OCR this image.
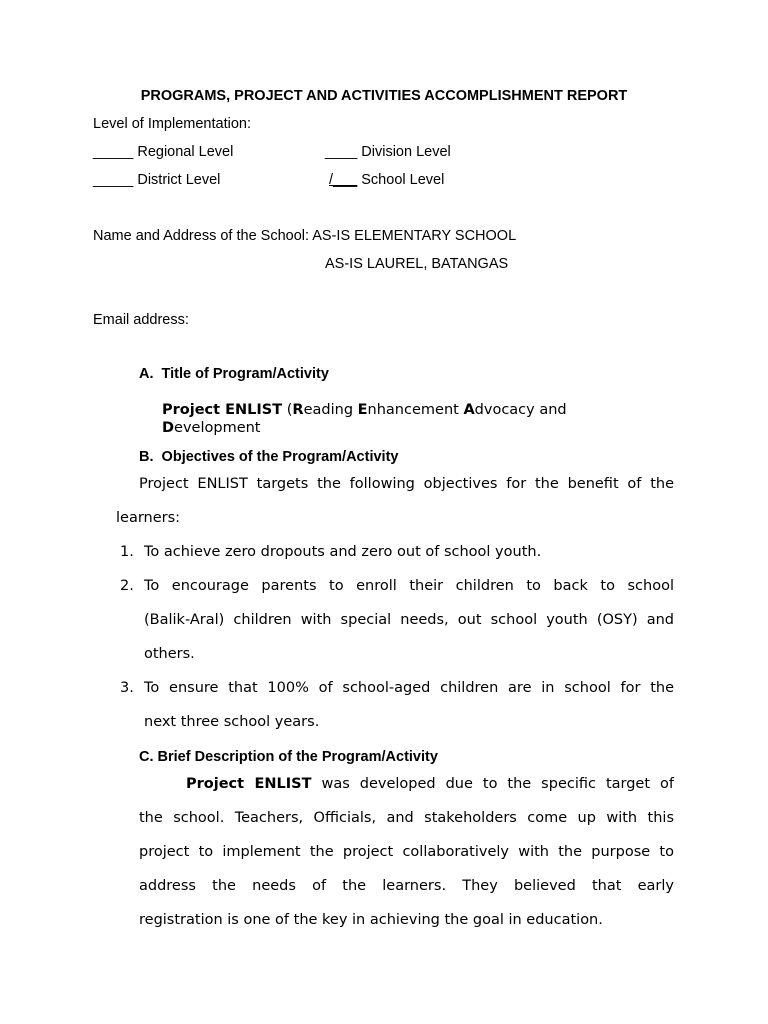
PROGRAMS, PROJECT AND ACTIVITIES ACCOMPLISHMENT REPORT
Level of Implementation:
_____ Regional Level	____ Division Level
_____ District Level	/___ School Level
Name and Address of the School: AS-IS ELEMENTARY SCHOOL
AS-IS LAUREL, BATANGAS
Email address:
A.  Title of Program/Activity
Project ENLIST (Reading Enhancement Advocacy and
Development
B.  Objectives of the Program/Activity
Project ENLIST targets the following objectives for the benefit of the
learners:
1. To achieve zero dropouts and zero out of school youth.
2. To encourage parents to enroll their children to back to school
(Balik-Aral) children with special needs, out school youth (OSY) and
others.
3. To ensure that 100% of school-aged children are in school for the
next three school years.
C. Brief Description of the Program/Activity
Project ENLIST was developed due to the specific target of
the school. Teachers, Officials, and stakeholders come up with this
project to implement the project collaboratively with the purpose to
address the needs of the learners. They believed that early
registration is one of the key in achieving the goal in education.
